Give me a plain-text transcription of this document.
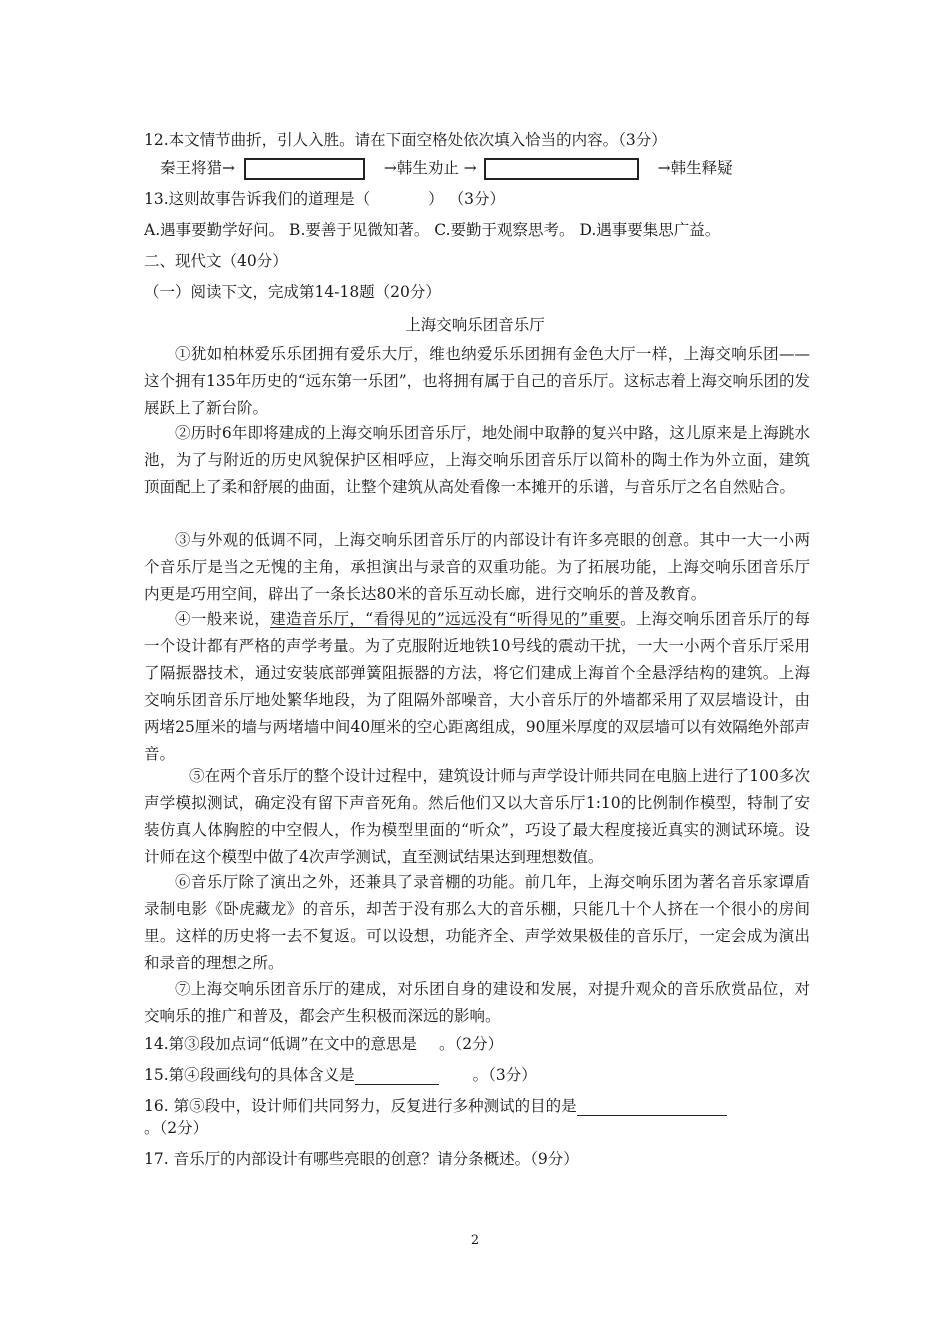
12.本文情节曲折，引人入胜。请在下面空格处依次填入恰当的内容。（3分）
秦王将猎→	→韩生劝止 →	→韩生释疑
13.这则故事告诉我们的道理是（	） （3分）
A.遇事要勤学好问。 B.要善于见微知著。 C.要勤于观察思考。 D.遇事要集思广益。
二、现代文（40分）
（一）阅读下文，完成第14-18题（20分）
上海交响乐团音乐厅
①犹如柏林爱乐乐团拥有爱乐大厅，维也纳爱乐乐团拥有金色大厅一样，上海交响乐团——这个拥有135年历史的“远东第一乐团”，也将拥有属于自己的音乐厅。这标志着上海交响乐团的发展跃上了新台阶。
②历时6年即将建成的上海交响乐团音乐厅，地处闹中取静的复兴中路，这儿原来是上海跳水池，为了与附近的历史风貌保护区相呼应，上海交响乐团音乐厅以简朴的陶土作为外立面，建筑顶面配上了柔和舒展的曲面，让整个建筑从高处看像一本摊开的乐谱，与音乐厅之名自然贴合。
③与外观的低调不同，上海交响乐团音乐厅的内部设计有许多亮眼的创意。其中一大一小两个音乐厅是当之无愧的主角，承担演出与录音的双重功能。为了拓展功能，上海交响乐团音乐厅内更是巧用空间，辟出了一条长达80米的音乐互动长廊，进行交响乐的普及教育。
④一般来说，建造音乐厅，“看得见的”远远没有“听得见的”重要。上海交响乐团音乐厅的每一个设计都有严格的声学考量。为了克服附近地铁10号线的震动干扰，一大一小两个音乐厅采用了隔振器技术，通过安装底部弹簧阻振器的方法，将它们建成上海首个全悬浮结构的建筑。上海交响乐团音乐厅地处繁华地段，为了阻隔外部噪音，大小音乐厅的外墙都采用了双层墙设计，由两堵25厘米的墙与两堵墙中间40厘米的空心距离组成，90厘米厚度的双层墙可以有效隔绝外部声音。
⑤在两个音乐厅的整个设计过程中，建筑设计师与声学设计师共同在电脑上进行了100多次声学模拟测试，确定没有留下声音死角。然后他们又以大音乐厅1:10的比例制作模型，特制了安装仿真人体胸腔的中空假人，作为模型里面的“听众”，巧设了最大程度接近真实的测试环境。设计师在这个模型中做了4次声学测试，直至测试结果达到理想数值。
⑥音乐厅除了演出之外，还兼具了录音棚的功能。前几年，上海交响乐团为著名音乐家谭盾录制电影《卧虎藏龙》的音乐，却苦于没有那么大的音乐棚，只能几十个人挤在一个很小的房间里。这样的历史将一去不复返。可以设想，功能齐全、声学效果极佳的音乐厅，一定会成为演出和录音的理想之所。
⑦上海交响乐团音乐厅的建成，对乐团自身的建设和发展，对提升观众的音乐欣赏品位，对交响乐的推广和普及，都会产生积极而深远的影响。
14.第③段加点词“低调”在文中的意思是 。（2分）
15.第④段画线句的具体含义是	。（3分）
16. 第⑤段中，设计师们共同努力，反复进行多种测试的目的是
。（2分）
17. 音乐厅的内部设计有哪些亮眼的创意？请分条概述。（9分）
2
